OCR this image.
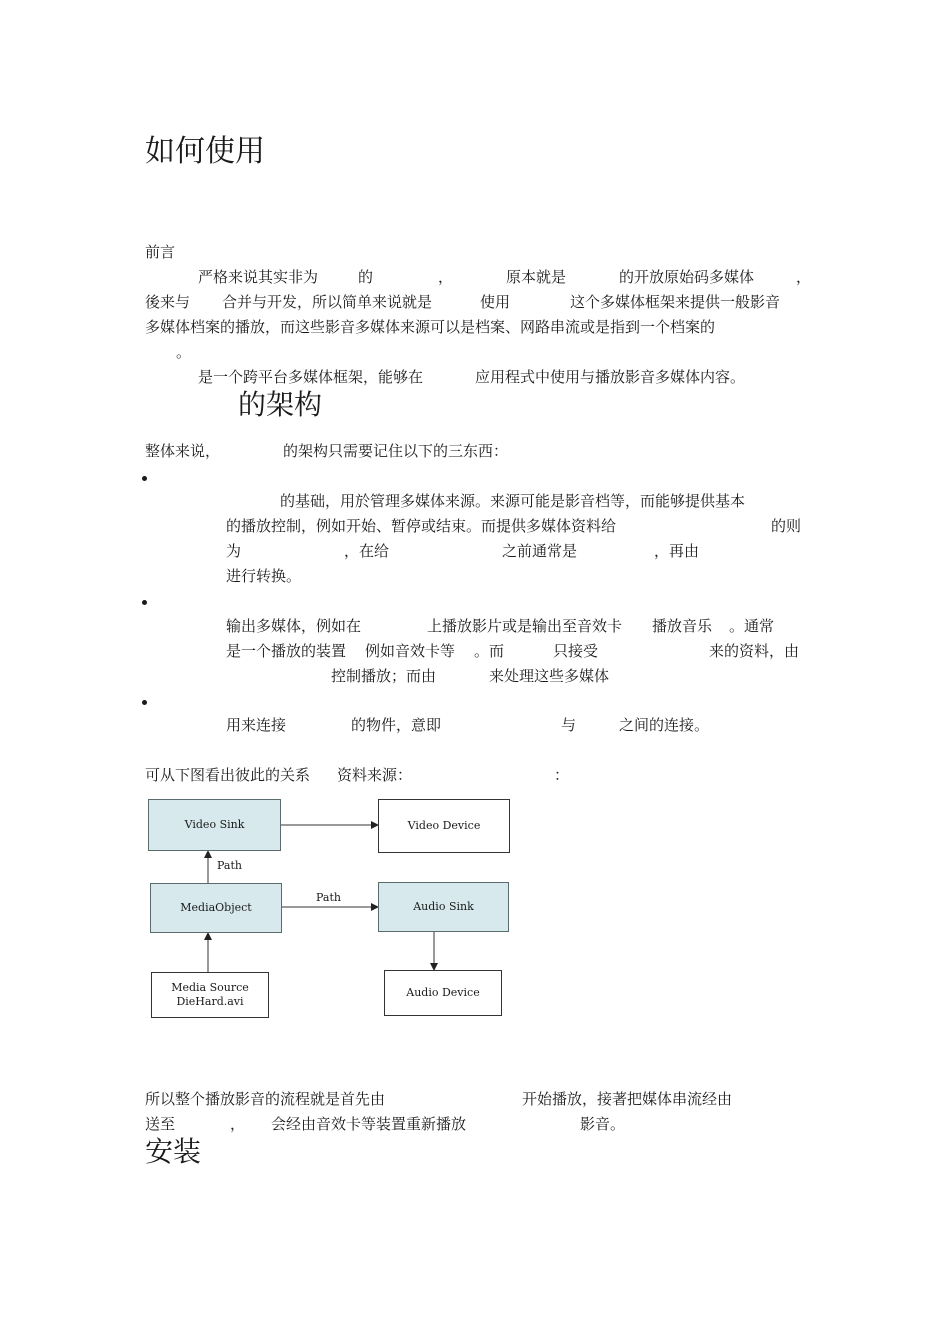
如何使用
前言
严格来说其实非为	的	，	原本就是	的开放原始码多媒体	，
後来与 合并与开发，所以简单来说就是	使用	这个多媒体框架来提供一般影音
多媒体档案的播放，而这些影音多媒体来源可以是档案、网路串流或是指到一个档案的
。
是一个跨平台多媒体框架，能够在	应用程式中使用与播放影音多媒体内容。
的架构
整体来说，	的架构只需要记住以下的三东西：
的基础，用於管理多媒体来源。来源可能是影音档等，而能够提供基本
的播放控制，例如开始、暂停或结束。而提供多媒体资料给	的则
为	，在给	之前通常是	，再由
进行转换。
输出多媒体，例如在	上播放影片或是输出至音效卡 播放音乐 。通常
是一个播放的装置 例如音效卡等 。而	只接受	来的资料，由
控制播放；而由	来处理这些多媒体
用来连接	的物件，意即	与	之间的连接。
可从下图看出彼此的关系 资料来源：	：
Video Sink	Video Device
MediaObject	Audio Sink
Audio Device
Media Source
DieHard.avi
Path
Path
所以整个播放影音的流程就是首先由	开始播放，接著把媒体串流经由
送至	， 会经由音效卡等装置重新播放	影音。
安装
